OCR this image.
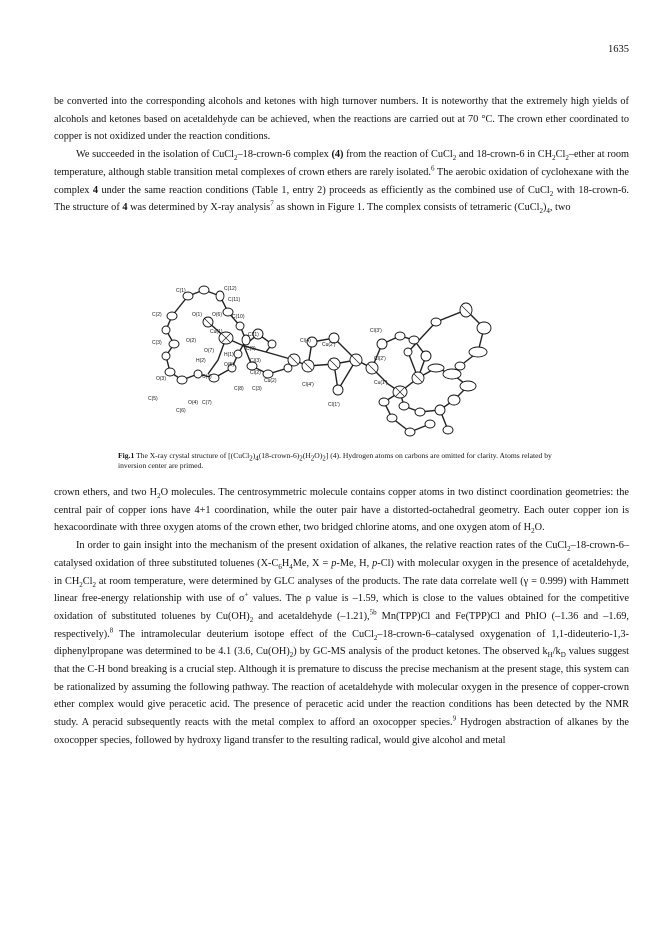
1635

be converted into the corresponding alcohols and ketones with high turnover numbers. It is noteworthy that the extremely high yields of alcohols and ketones based on acetaldehyde can be achieved, when the reactions are carried out at 70 °C. The crown ether coordinated to copper is not oxidized under the reaction conditions.

We succeeded in the isolation of CuCl$_2$–18-crown-6 complex (4) from the reaction of CuCl$_2$ and 18-crown-6 in $CH_2Cl_2$–ether at room temperature, although stable transition metal complexes of crown ethers are rarely isolated.$^6$ The aerobic oxidation of cyclohexane with the complex 4 under the same reaction conditions (Table 1, entry 2) proceeds as efficiently as the combined use of CuCl$_2$ with 18-crown-6. The structure of 4 was determined by X-ray analysis$^7$ as shown in Figure 1. The complex consists of tetrameric $(CuCl_2)_4$, two

C(12)
C(1)
C(11)
C(2)	O(1) O(6) C(10)
Cu(1)	Cl(1)
O(2)
C(9)
C(3)
H(1)
O(7)
H(2)
O(5)
Cl(3)
C(4)
Cl(2)
O(3)
C(8)
Cu(2)
C(5)
C(3)
O(4) C(7)
C(6)
Cl(4)
Cl(4')
Cu(2')
Cl(3')
Cl(2')
Cu(1')
Cl(1')
Fig.1 The X-ray crystal structure of $[(CuCl_2)_4(18-crown-6)_2(H_2O)_2]$ (4). Hydrogen atoms on carbons are omitted for clarity. Atoms related by inversion center are primed.

crown ethers, and two $H_2O$ molecules. The centrosymmetric molecule contains copper atoms in two distinct coordination geometries: the central pair of copper ions have 4+1 coordination, while the outer pair have a distorted-octahedral geometry. Each outer copper ion is hexacoordinate with three oxygen atoms of the crown ether, two bridged chlorine atoms, and one oxygen atom of $H_2O$.

In order to gain insight into the mechanism of the present oxidation of alkanes, the relative reaction rates of the CuCl$_2$–18-crown-6–catalysed oxidation of three substituted toluenes ($X-C_6H_4Me$, X = p-Me, H, p-Cl) with molecular oxygen in the presence of acetaldehyde, in $CH_2Cl_2$ at room temperature, were determined by GLC analyses of the products. The rate data correlate well (γ = 0.999) with Hammett linear free-energy relationship with use of σ+ values. The ρ value is –1.59, which is close to the values obtained for the competitive oxidation of substituted toluenes by $Cu(OH)_2$ and acetaldehyde (–1.21),$^{5b}$ Mn(TPP)Cl and Fe(TPP)Cl and PhIO (–1.36 and –1.69, respectively).$^8$ The intramolecular deuterium isotope effect of the CuCl$_2$–18-crown-6–catalysed oxygenation of 1,1-dideuterio-1,3-diphenylpropane was determined to be 4.1 (3.6, $Cu(OH)_2$) by GC-MS analysis of the product ketones. The observed $k_H/k_D$ values suggest that the C-H bond breaking is a crucial step. Although it is premature to discuss the precise mechanism at the present stage, this system can be rationalized by assuming the following pathway. The reaction of acetaldehyde with molecular oxygen in the presence of copper-crown ether complex would give peracetic acid. The presence of peracetic acid under the reaction conditions has been detected by the NMR study. A peracid subsequently reacts with the metal complex to afford an oxocopper species.$^9$ Hydrogen abstraction of alkanes by the oxocopper species, followed by hydroxy ligand transfer to the resulting radical, would give alcohol and metal
